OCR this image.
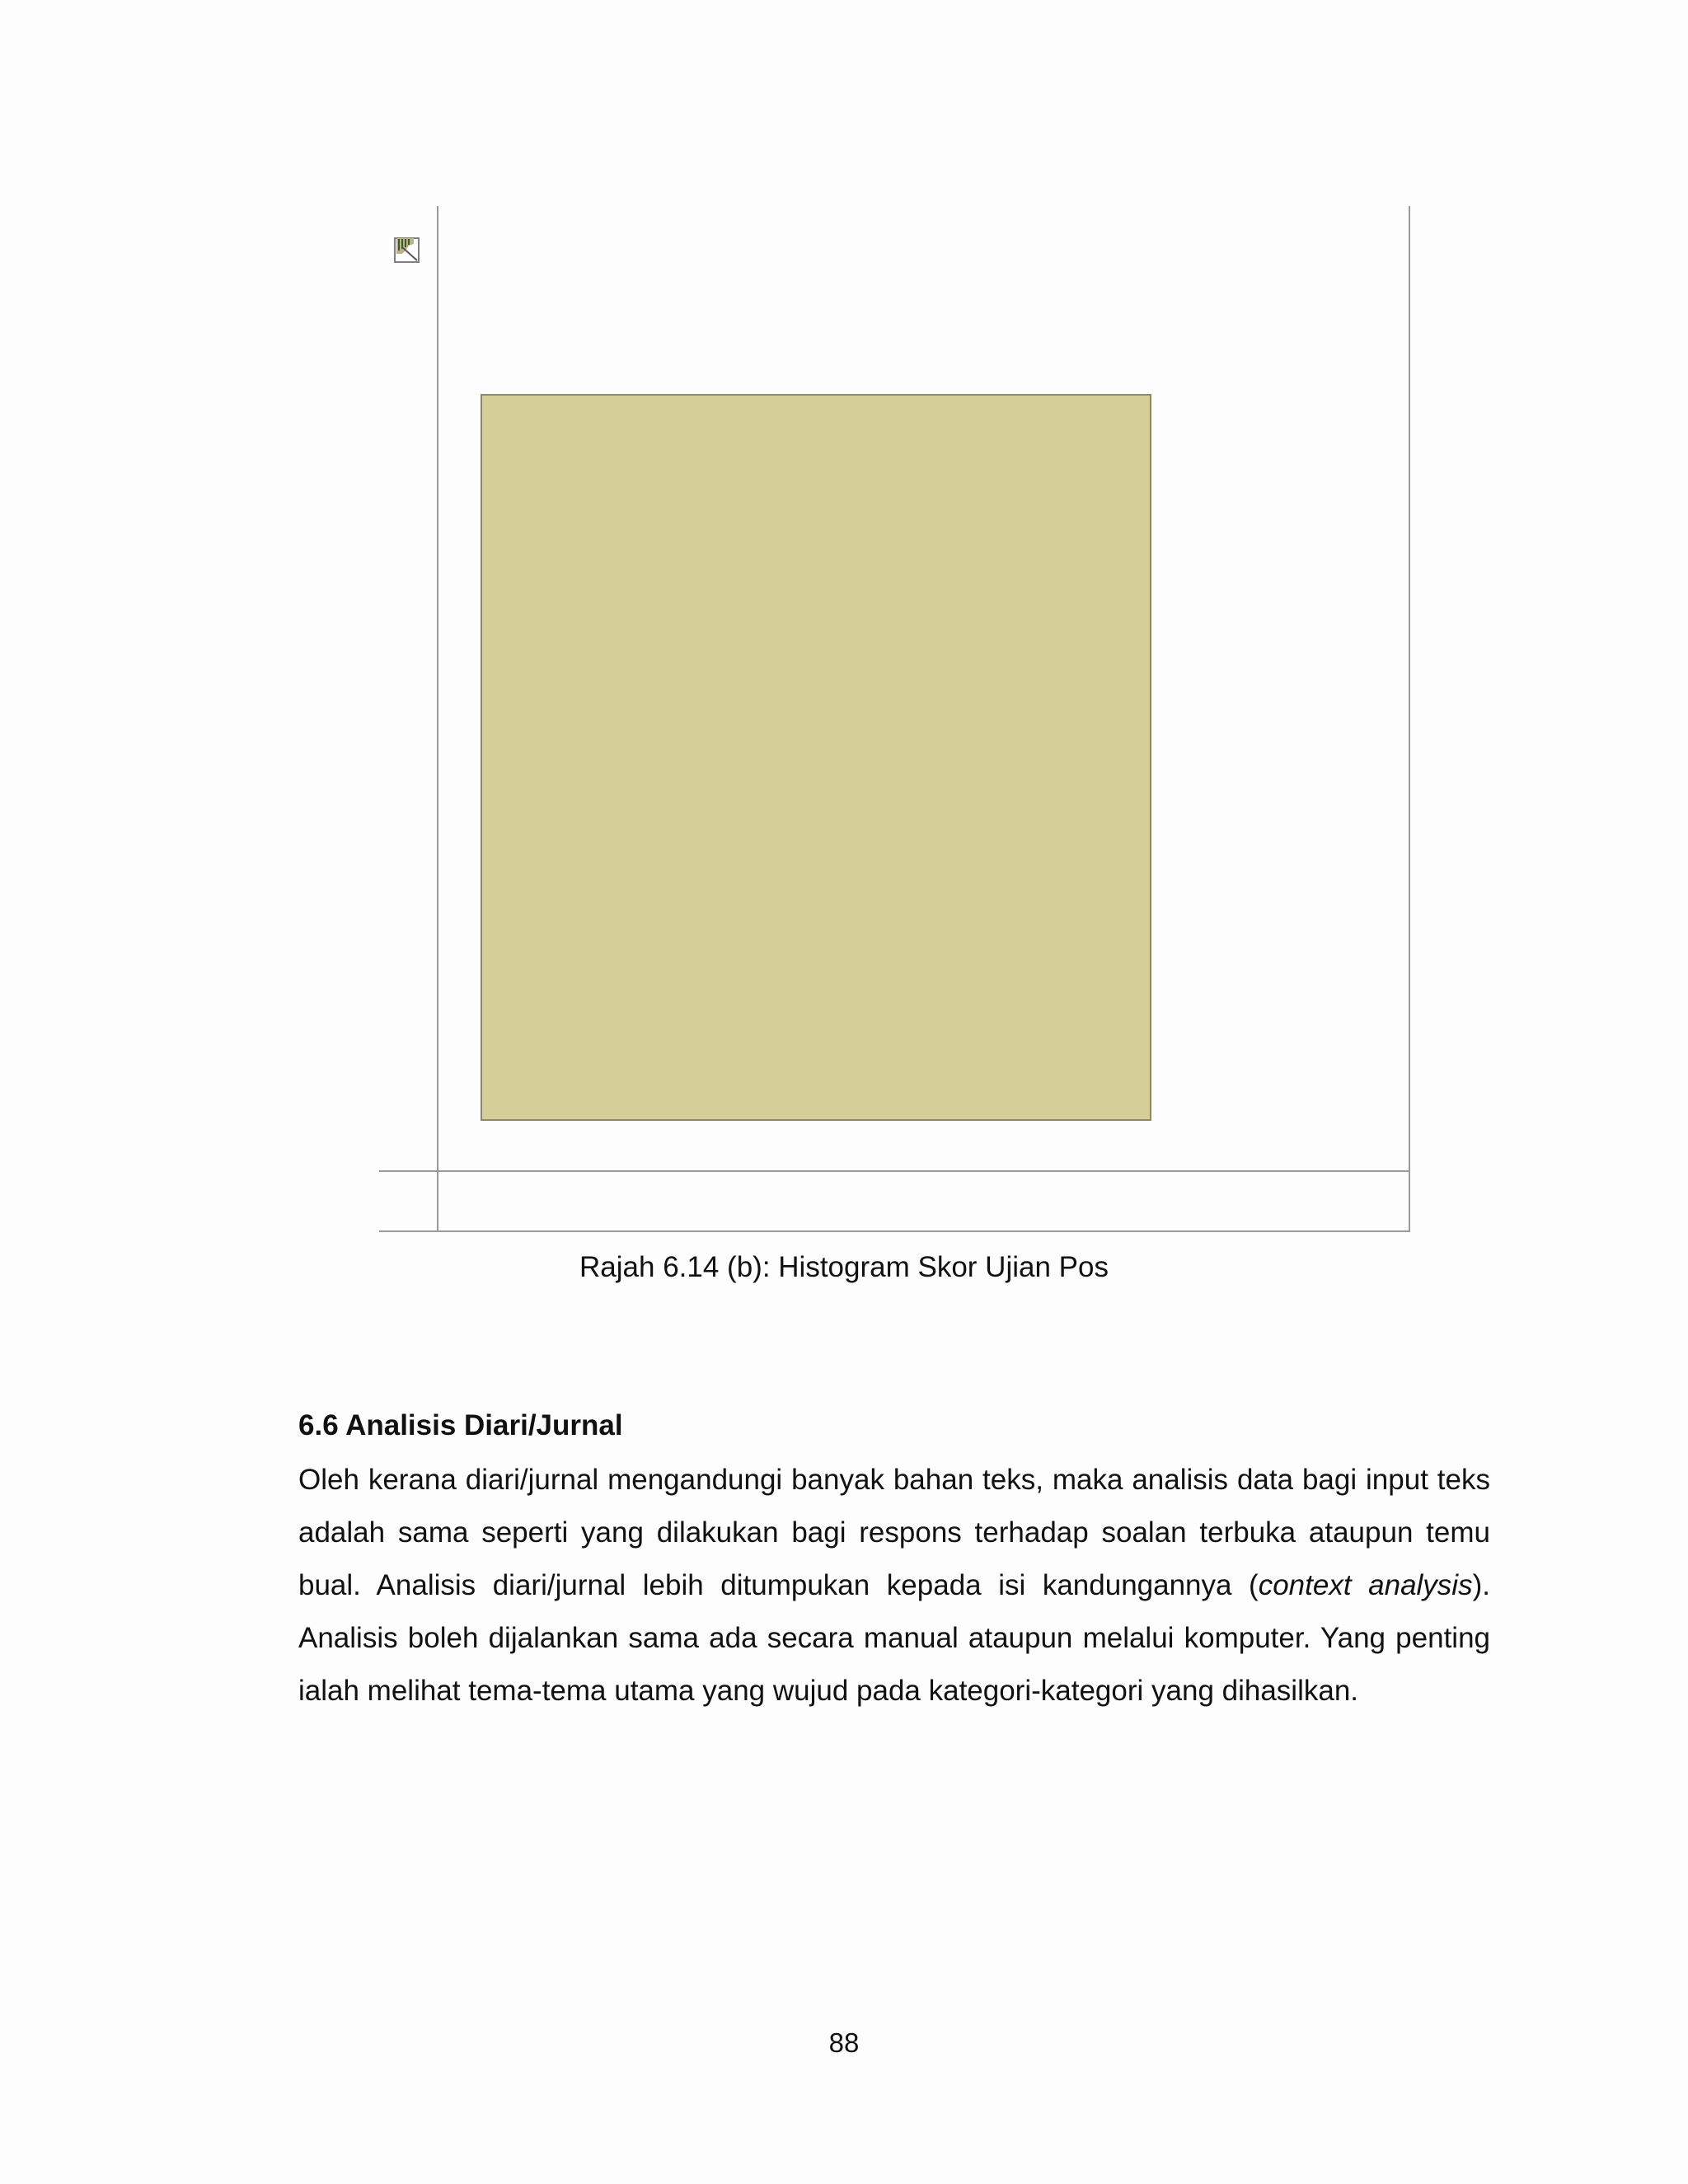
Rajah 6.14 (b): Histogram Skor Ujian Pos
6.6 Analisis Diari/Jurnal
Oleh kerana diari/jurnal mengandungi banyak bahan teks, maka analisis data bagi input teks adalah sama seperti yang dilakukan bagi respons terhadap soalan terbuka ataupun temu bual. Analisis diari/jurnal lebih ditumpukan kepada isi kandungannya (context analysis). Analisis boleh dijalankan sama ada secara manual ataupun melalui komputer. Yang penting ialah melihat tema-tema utama yang wujud pada kategori-kategori yang dihasilkan.
88
